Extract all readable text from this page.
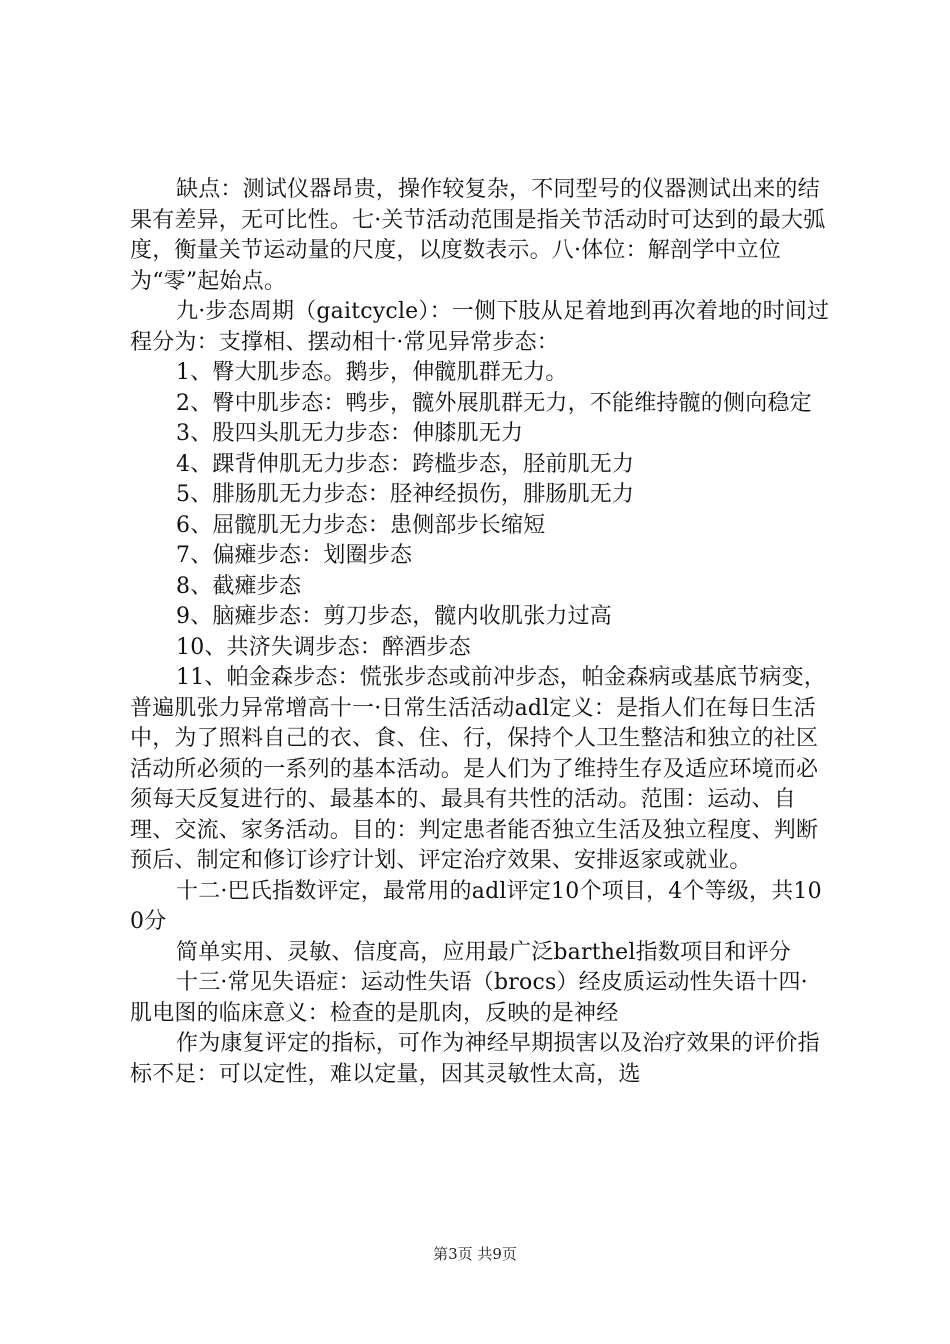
缺点：测试仪器昂贵，操作较复杂，不同型号的仪器测试出来的结果有差异，无可比性。七·关节活动范围是指关节活动时可达到的最大弧度，衡量关节运动量的尺度，以度数表示。八·体位：解剖学中立位为“零”起始点。

九·步态周期（gaitcycle）：一侧下肢从足着地到再次着地的时间过程分为：支撑相、摆动相十·常见异常步态：

1、臀大肌步态。鹅步，伸髋肌群无力。

2、臀中肌步态：鸭步，髋外展肌群无力，不能维持髋的侧向稳定

3、股四头肌无力步态：伸膝肌无力

4、踝背伸肌无力步态：跨槛步态，胫前肌无力

5、腓肠肌无力步态：胫神经损伤，腓肠肌无力

6、屈髋肌无力步态：患侧部步长缩短

7、偏瘫步态：划圈步态

8、截瘫步态

9、脑瘫步态：剪刀步态，髋内收肌张力过高

10、共济失调步态：醉酒步态

11、帕金森步态：慌张步态或前冲步态，帕金森病或基底节病变，普遍肌张力异常增高十一·日常生活活动adl定义：是指人们在每日生活中，为了照料自己的衣、食、住、行，保持个人卫生整洁和独立的社区活动所必须的一系列的基本活动。是人们为了维持生存及适应环境而必须每天反复进行的、最基本的、最具有共性的活动。范围：运动、自理、交流、家务活动。目的：判定患者能否独立生活及独立程度、判断预后、制定和修订诊疗计划、评定治疗效果、安排返家或就业。

十二·巴氏指数评定，最常用的adl评定10个项目，4个等级，共100分

简单实用、灵敏、信度高，应用最广泛barthel指数项目和评分

十三·常见失语症：运动性失语（brocs）经皮质运动性失语十四·肌电图的临床意义：检查的是肌肉，反映的是神经

作为康复评定的指标，可作为神经早期损害以及治疗效果的评价指标不足：可以定性，难以定量，因其灵敏性太高，选

第3页 共9页
